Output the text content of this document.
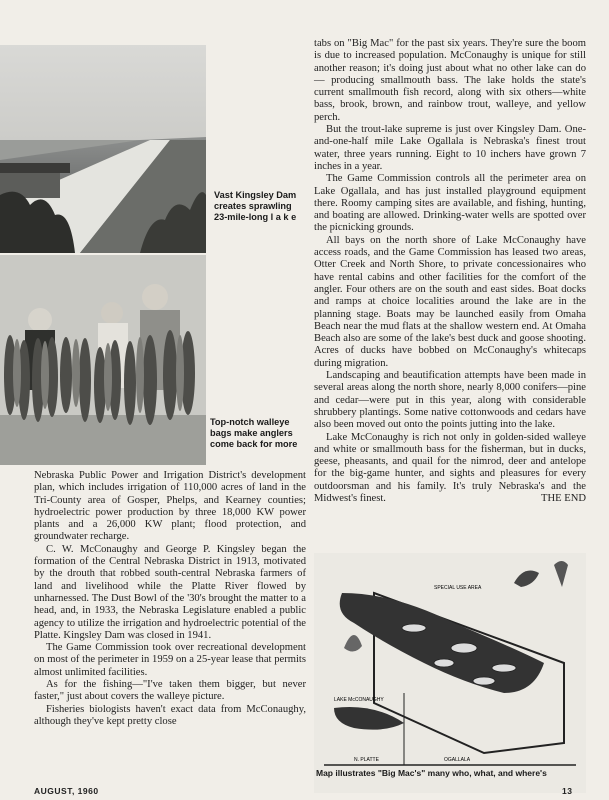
Vast Kingsley Dam
creates sprawling
23-mile-long l a k e
Top-notch walleye
bags make anglers
come back for more

Nebraska Public Power and Irrigation District's development plan, which includes irrigation of 110,000 acres of land in the Tri-County area of Gosper, Phelps, and Kearney counties; hydroelectric power production by three 18,000 KW power plants and a 26,000 KW plant; flood protection, and groundwater recharge.

C. W. McConaughy and George P. Kingsley began the formation of the Central Nebraska District in 1913, motivated by the drouth that robbed south-central Nebraska farmers of land and livelihood while the Platte River flowed by unharnessed. The Dust Bowl of the '30's brought the matter to a head, and, in 1933, the Nebraska Legislature enabled a public agency to utilize the irrigation and hydroelectric potential of the Platte. Kingsley Dam was closed in 1941.

The Game Commission took over recreational development on most of the perimeter in 1959 on a 25-year lease that permits almost unlimited facilities.

As for the fishing—"I've taken them bigger, but never faster," just about covers the walleye picture.

Fisheries biologists haven't exact data from McConaughy, although they've kept pretty close

tabs on "Big Mac" for the past six years. They're sure the boom is due to increased population. McConaughy is unique for still another reason; it's doing just about what no other lake can do— producing smallmouth bass. The lake holds the state's current smallmouth fish record, along with six others—white bass, brook, brown, and rainbow trout, walleye, and yellow perch.

But the trout-lake supreme is just over Kingsley Dam. One-and-one-half mile Lake Ogallala is Nebraska's finest trout water, three years running. Eight to 10 inchers have grown 7 inches in a year.

The Game Commission controls all the perimeter area on Lake Ogallala, and has just installed playground equipment there. Roomy camping sites are available, and fishing, hunting, and boating are allowed. Drinking-water wells are spotted over the picnicking grounds.

All bays on the north shore of Lake McConaughy have access roads, and the Game Commission has leased two areas, Otter Creek and North Shore, to private concessionaires who have rental cabins and other facilities for the comfort of the angler. Four others are on the south and east sides. Boat docks and ramps at choice localities around the lake are in the planning stage. Boats may be launched easily from Omaha Beach near the mud flats at the shallow western end. At Omaha Beach also are some of the lake's best duck and goose shooting. Acres of ducks have bobbed on McConaughy's whitecaps during migration.

Landscaping and beautification attempts have been made in several areas along the north shore, nearly 8,000 conifers—pine and cedar—were put in this year, along with considerable shrubbery plantings. Some native cottonwoods and cedars have also been moved out onto the points jutting into the lake.

Lake McConaughy is rich not only in golden-sided walleye and white or smallmouth bass for the fisherman, but in ducks, geese, pheasants, and quail for the nimrod, deer and antelope for the big-game hunter, and sights and pleasures for every outdoorsman and his family. It's truly Nebraska's and the Midwest's finest.	THE END

SPECIAL USE AREA
LAKE McCONAUGHY
OGALLALA
N. PLATTE
Map illustrates "Big Mac's" many who, what, and where's
AUGUST, 1960	13
